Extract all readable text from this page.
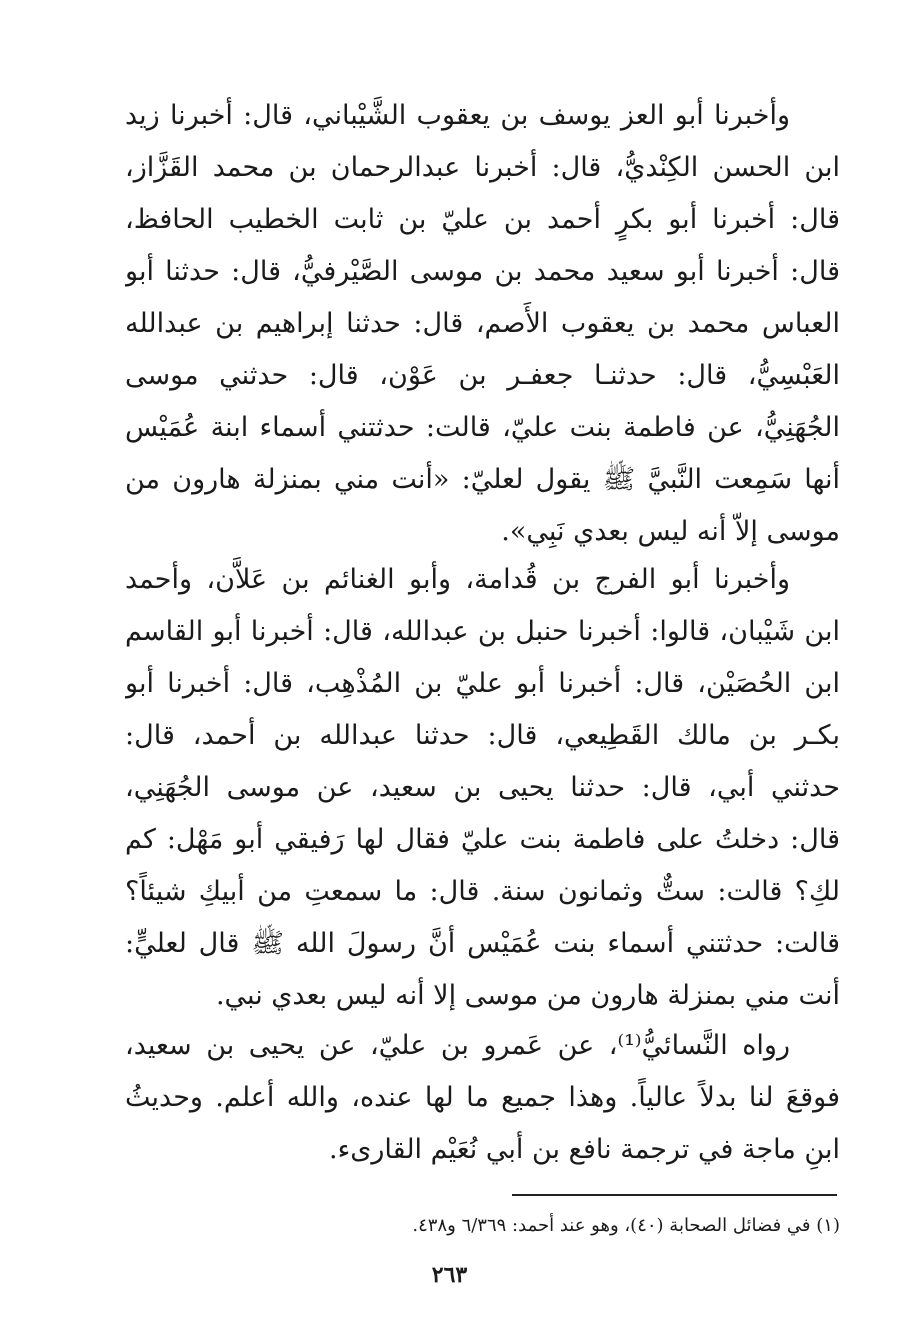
وأخبرنا أبو العز يوسف بن يعقوب الشَّيْباني، قال: أخبرنا زيد
ابن الحسن الكِنْديُّ، قال: أخبرنا عبدالرحمان بن محمد القَزَّاز،
قال: أخبرنا أبو بكرٍ أحمد بن عليّ بن ثابت الخطيب الحافظ،
قال: أخبرنا أبو سعيد محمد بن موسى الصَّيْرفيُّ، قال: حدثنا أبو
العباس محمد بن يعقوب الأَصم، قال: حدثنا إبراهيم بن عبدالله
العَبْسِيُّ، قال: حدثنـا جعفـر بن عَوْن، قال: حدثني موسى
الجُهَنِيُّ، عن فاطمة بنت عليّ، قالت: حدثتني أسماء ابنة عُمَيْس
أنها سَمِعت النَّبيَّ ﷺ يقول لعليّ: «أنت مني بمنزلة هارون من
موسى إلاّ أنه ليس بعدي نَبِي».
وأخبرنا أبو الفرج بن قُدامة، وأبو الغنائم بن عَلاَّن، وأحمد
ابن شَيْبان، قالوا: أخبرنا حنبل بن عبدالله، قال: أخبرنا أبو القاسم
ابن الحُصَيْن، قال: أخبرنا أبو عليّ بن المُذْهِب، قال: أخبرنا أبو
بكـر بن مالك القَطِيعي، قال: حدثنا عبدالله بن أحمد، قال:
حدثني أبي، قال: حدثنا يحيى بن سعيد، عن موسى الجُهَنِي،
قال: دخلتُ على فاطمة بنت عليّ فقال لها رَفيقي أبو مَهْل: كم
لكِ؟ قالت: ستٌّ وثمانون سنة. قال: ما سمعتِ من أبيكِ شيئاً؟
قالت: حدثتني أسماء بنت عُمَيْس أنَّ رسولَ الله ﷺ قال لعليٍّ:
أنت مني بمنزلة هارون من موسى إلا أنه ليس بعدي نبي.
رواه النَّسائيُّ⁽¹⁾، عن عَمرو بن عليّ، عن يحيى بن سعيد،
فوقعَ لنا بدلاً عالياً. وهذا جميع ما لها عنده، والله أعلم. وحديثُ
ابنِ ماجة في ترجمة نافع بن أبي نُعَيْم القارىء.
(١) في فضائل الصحابة (٤٠)، وهو عند أحمد: ٦/٣٦٩ و٤٣٨.
٢٦٣
